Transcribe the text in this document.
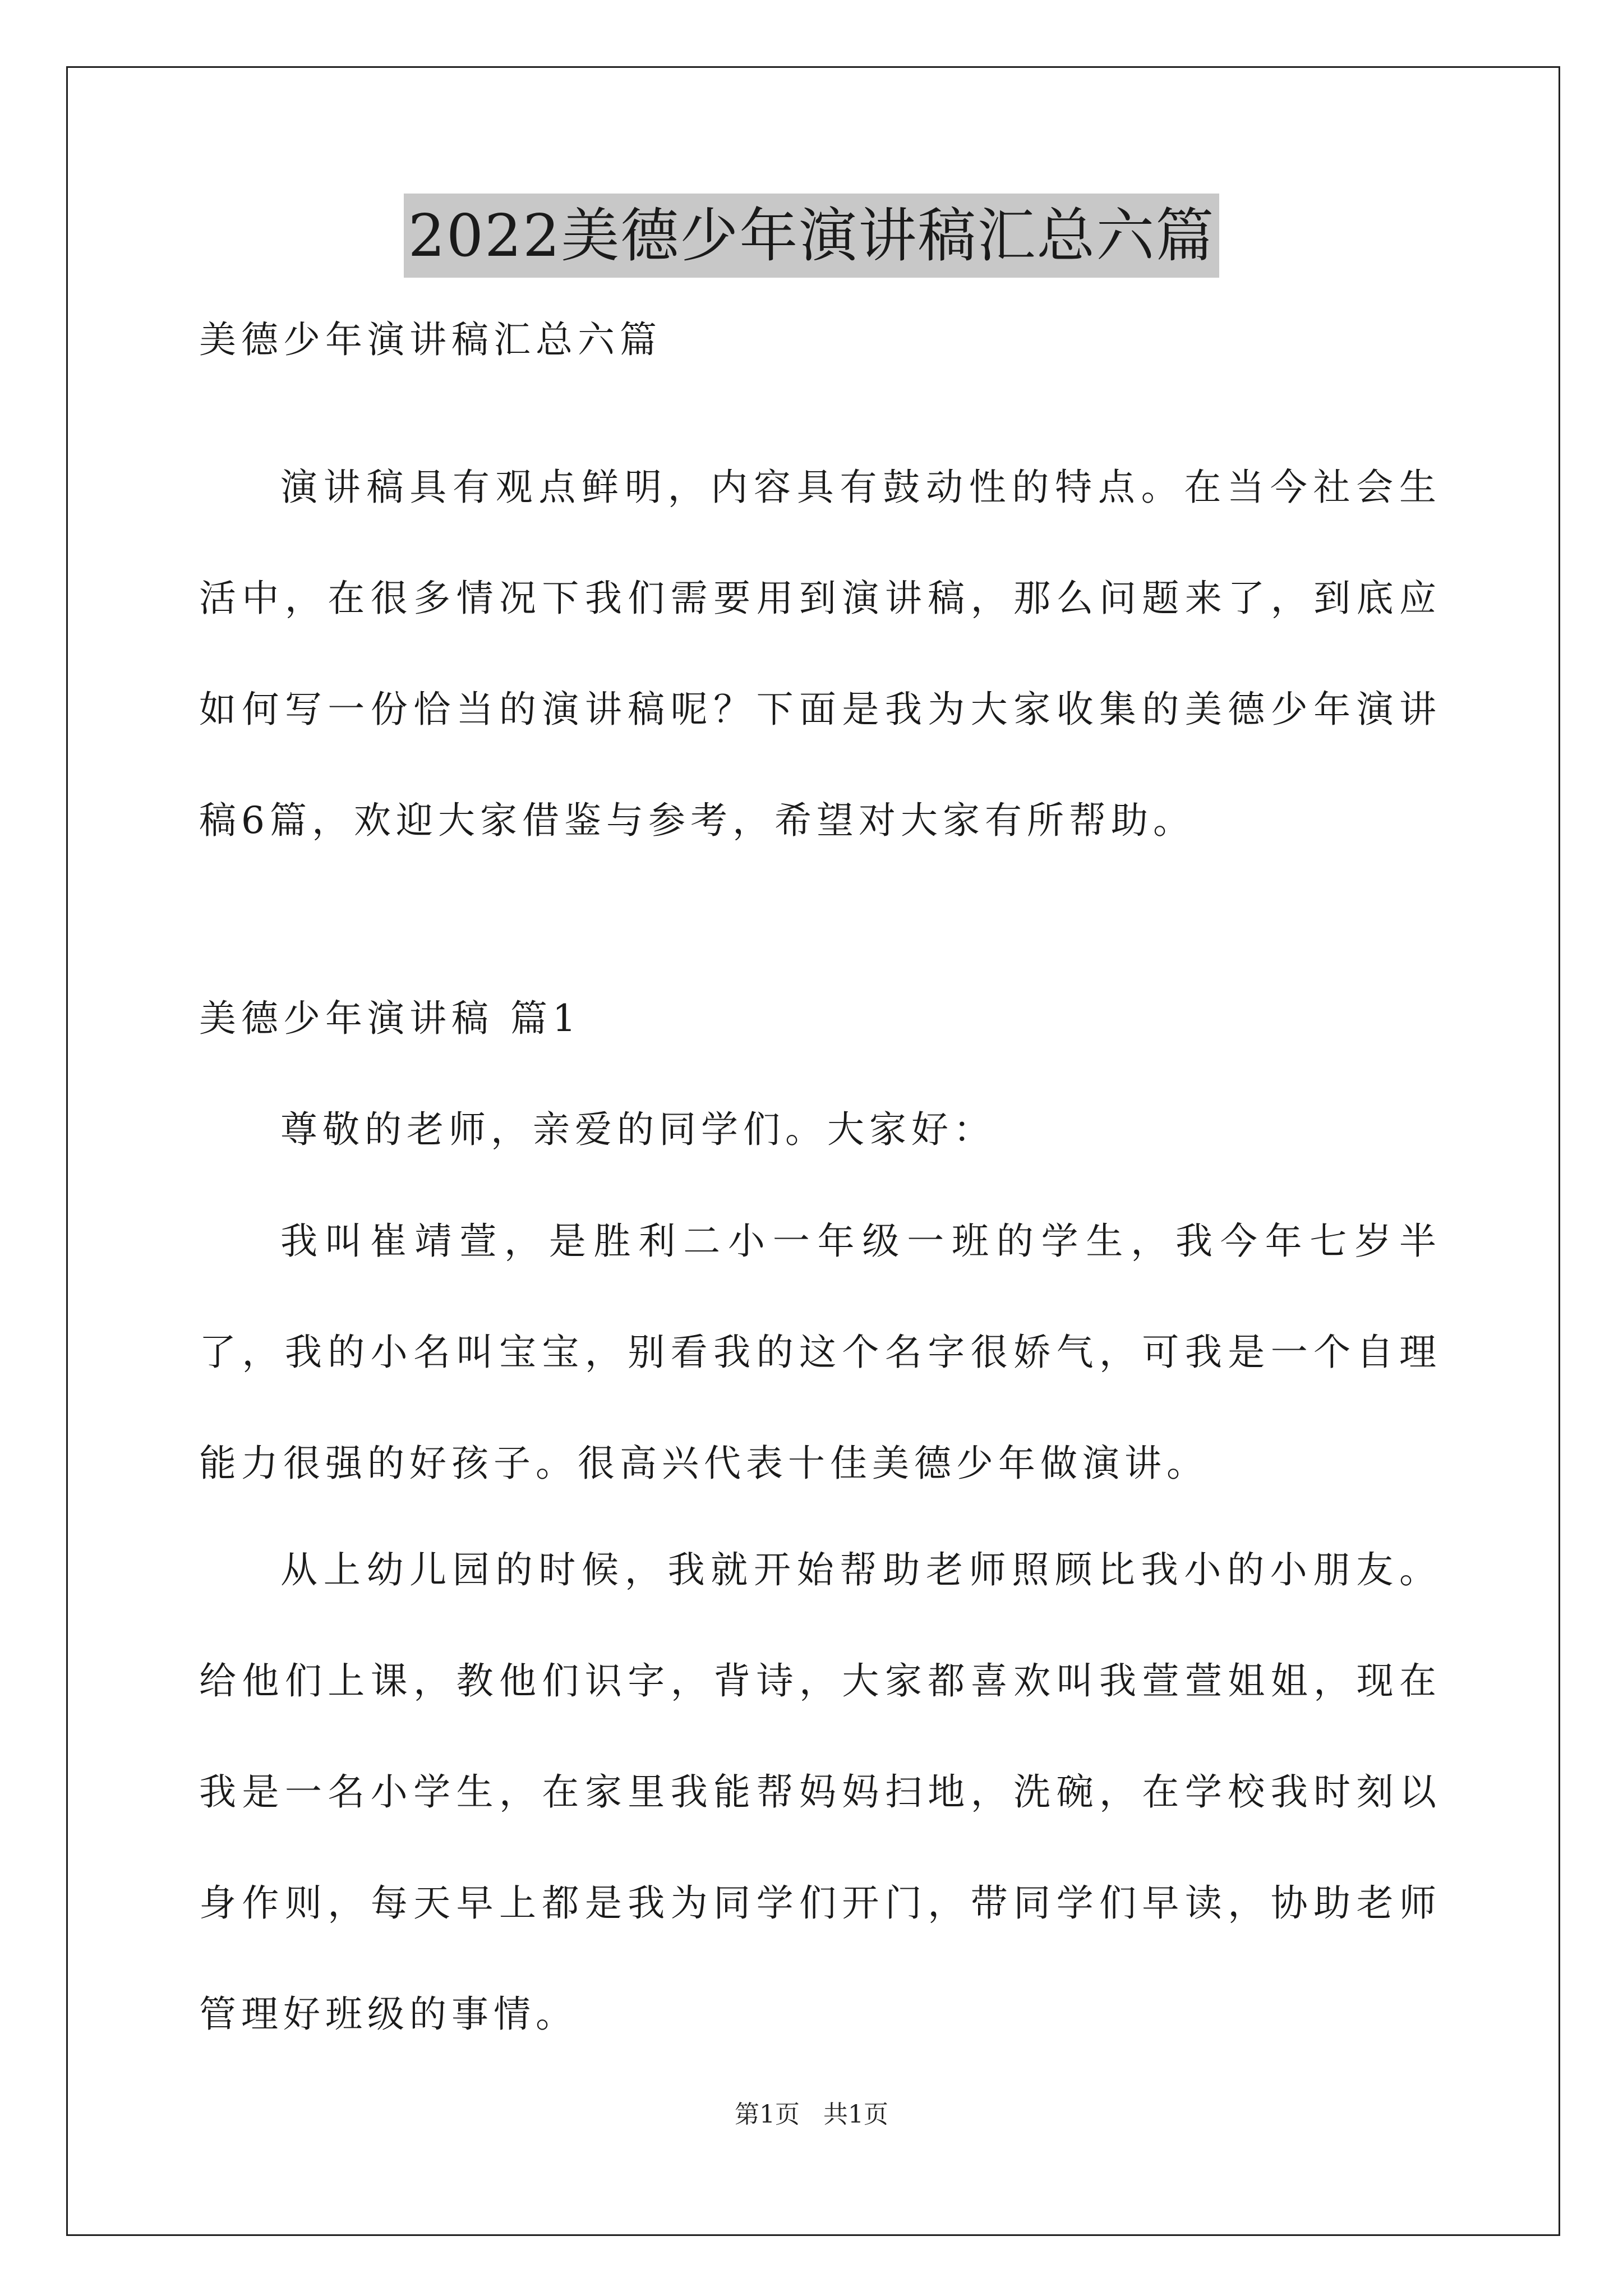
2022美德少年演讲稿汇总六篇
美德少年演讲稿汇总六篇

演讲稿具有观点鲜明，内容具有鼓动性的特点。在当今社会生活中，在很多情况下我们需要用到演讲稿，那么问题来了，到底应如何写一份恰当的演讲稿呢？下面是我为大家收集的美德少年演讲稿6篇，欢迎大家借鉴与参考，希望对大家有所帮助。

美德少年演讲稿 篇1

尊敬的老师，亲爱的同学们。大家好：

我叫崔靖萱，是胜利二小一年级一班的学生，我今年七岁半了，我的小名叫宝宝，别看我的这个名字很娇气，可我是一个自理能力很强的好孩子。很高兴代表十佳美德少年做演讲。

从上幼儿园的时候，我就开始帮助老师照顾比我小的小朋友。给他们上课，教他们识字，背诗，大家都喜欢叫我萱萱姐姐，现在我是一名小学生，在家里我能帮妈妈扫地，洗碗，在学校我时刻以身作则，每天早上都是我为同学们开门，带同学们早读，协助老师管理好班级的事情。

第1页 共1页
